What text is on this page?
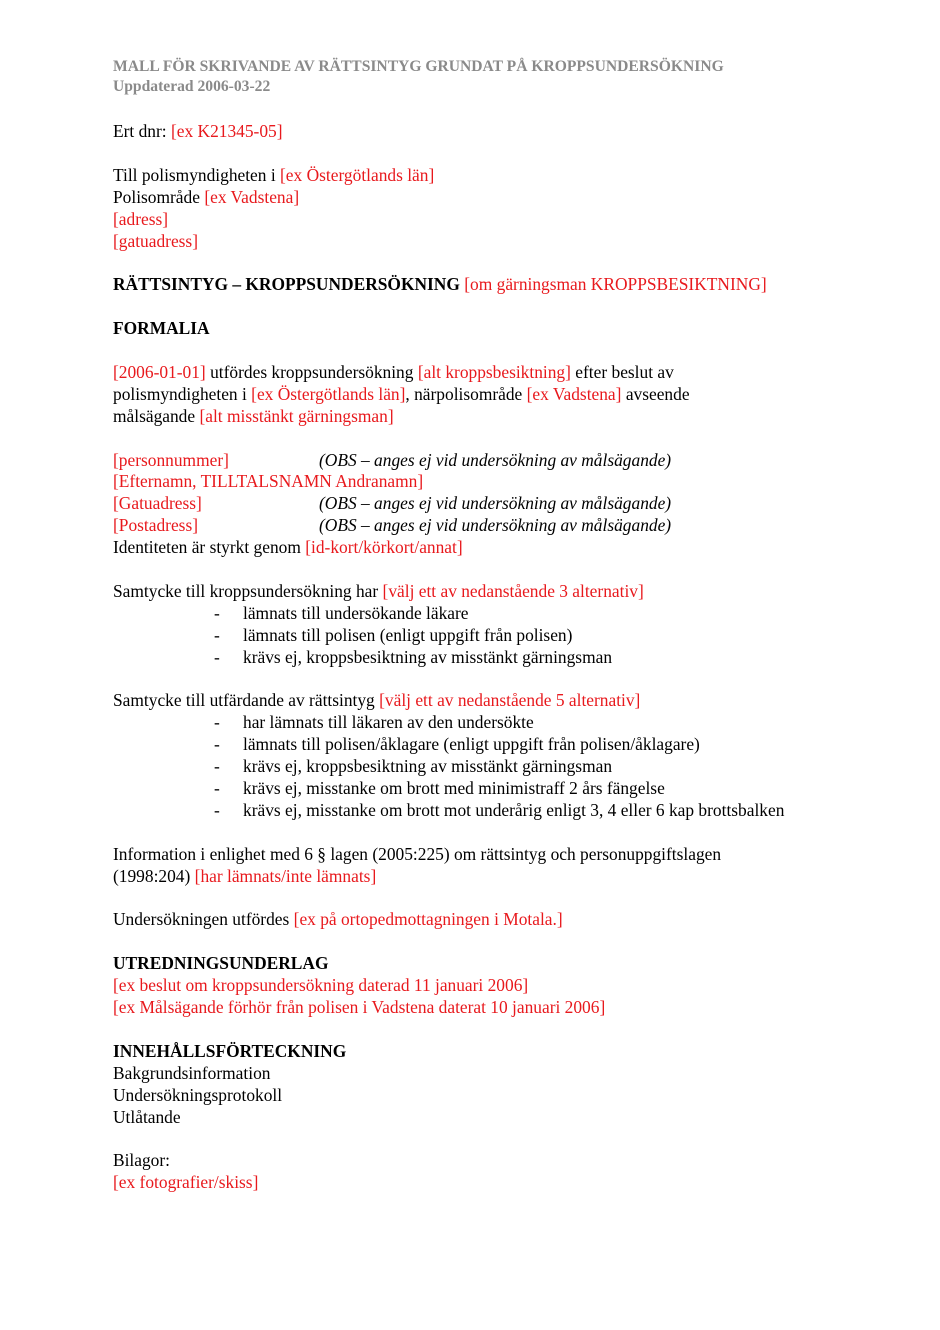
MALL FÖR SKRIVANDE AV RÄTTSINTYG GRUNDAT PÅ KROPPSUNDERSÖKNING
Uppdaterad 2006-03-22
Ert dnr: [ex K21345-05]
Till polismyndigheten i [ex Östergötlands län]
Polisområde [ex Vadstena]
[adress]
[gatuadress]
RÄTTSINTYG – KROPPSUNDERSÖKNING [om gärningsman KROPPSBESIKTNING]
FORMALIA
[2006-01-01] utfördes kroppsundersökning [alt kroppsbesiktning] efter beslut av
polismyndigheten i [ex Östergötlands län], närpolisområde [ex Vadstena] avseende
målsägande [alt misstänkt gärningsman]
[personnummer]	(OBS – anges ej vid undersökning av målsägande)
[Efternamn, TILLTALSNAMN Andranamn]
[Gatuadress]	(OBS – anges ej vid undersökning av målsägande)
[Postadress]	(OBS – anges ej vid undersökning av målsägande)
Identiteten är styrkt genom [id-kort/körkort/annat]
Samtycke till kroppsundersökning har [välj ett av nedanstående 3 alternativ]
-	lämnats till undersökande läkare
-	lämnats till polisen (enligt uppgift från polisen)
-	krävs ej, kroppsbesiktning av misstänkt gärningsman
Samtycke till utfärdande av rättsintyg [välj ett av nedanstående 5 alternativ]
-	har lämnats till läkaren av den undersökte
-	lämnats till polisen/åklagare (enligt uppgift från polisen/åklagare)
-	krävs ej, kroppsbesiktning av misstänkt gärningsman
-	krävs ej, misstanke om brott med minimistraff 2 års fängelse
-	krävs ej, misstanke om brott mot underårig enligt 3, 4 eller 6 kap brottsbalken
Information i enlighet med 6 § lagen (2005:225) om rättsintyg och personuppgiftslagen
(1998:204) [har lämnats/inte lämnats]
Undersökningen utfördes [ex på ortopedmottagningen i Motala.]
UTREDNINGSUNDERLAG
[ex beslut om kroppsundersökning daterad 11 januari 2006]
[ex Målsägande förhör från polisen i Vadstena daterat 10 januari 2006]
INNEHÅLLSFÖRTECKNING
Bakgrundsinformation
Undersökningsprotokoll
Utlåtande
Bilagor:
[ex fotografier/skiss]
